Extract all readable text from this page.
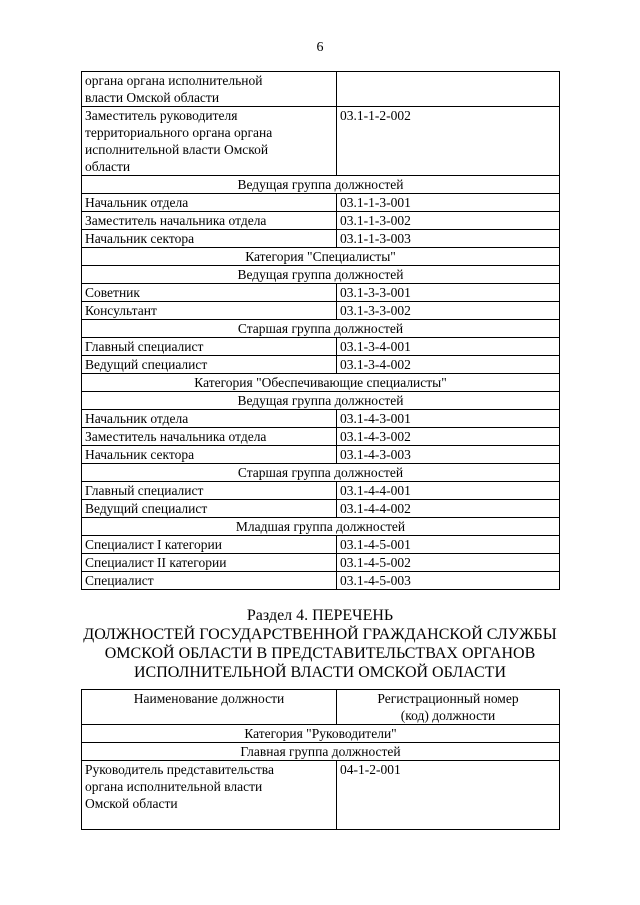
6
органа органа исполнительной
власти Омской области	

Заместитель руководителя
территориального органа органа
исполнительной власти Омской
области	03.1-1-2-002
Ведущая группа должностей	

Начальник отдела	03.1-1-3-001

Заместитель начальника отдела	03.1-1-3-002

Начальник сектора	03.1-1-3-003
Категория "Специалисты"	
Ведущая группа должностей	

Советник	03.1-3-3-001

Консультант	03.1-3-3-002
Старшая группа должностей	

Главный специалист	03.1-3-4-001

Ведущий специалист	03.1-3-4-002
Категория "Обеспечивающие специалисты"	
Ведущая группа должностей	

Начальник отдела	03.1-4-3-001

Заместитель начальника отдела	03.1-4-3-002

Начальник сектора	03.1-4-3-003
Старшая группа должностей	

Главный специалист	03.1-4-4-001

Ведущий специалист	03.1-4-4-002
Младшая группа должностей	

Специалист I категории	03.1-4-5-001

Специалист II категории	03.1-4-5-002

Специалист	03.1-4-5-003
Раздел 4. ПЕРЕЧЕНЬ
ДОЛЖНОСТЕЙ ГОСУДАРСТВЕННОЙ ГРАЖДАНСКОЙ СЛУЖБЫ
ОМСКОЙ ОБЛАСТИ В ПРЕДСТАВИТЕЛЬСТВАХ ОРГАНОВ
ИСПОЛНИТЕЛЬНОЙ ВЛАСТИ ОМСКОЙ ОБЛАСТИ
Наименование должности	Регистрационный номер
(код) должности

Категория "Руководители"	
Главная группа должностей	

Руководитель представительства
органа исполнительной власти
Омской области	04-1-2-001
